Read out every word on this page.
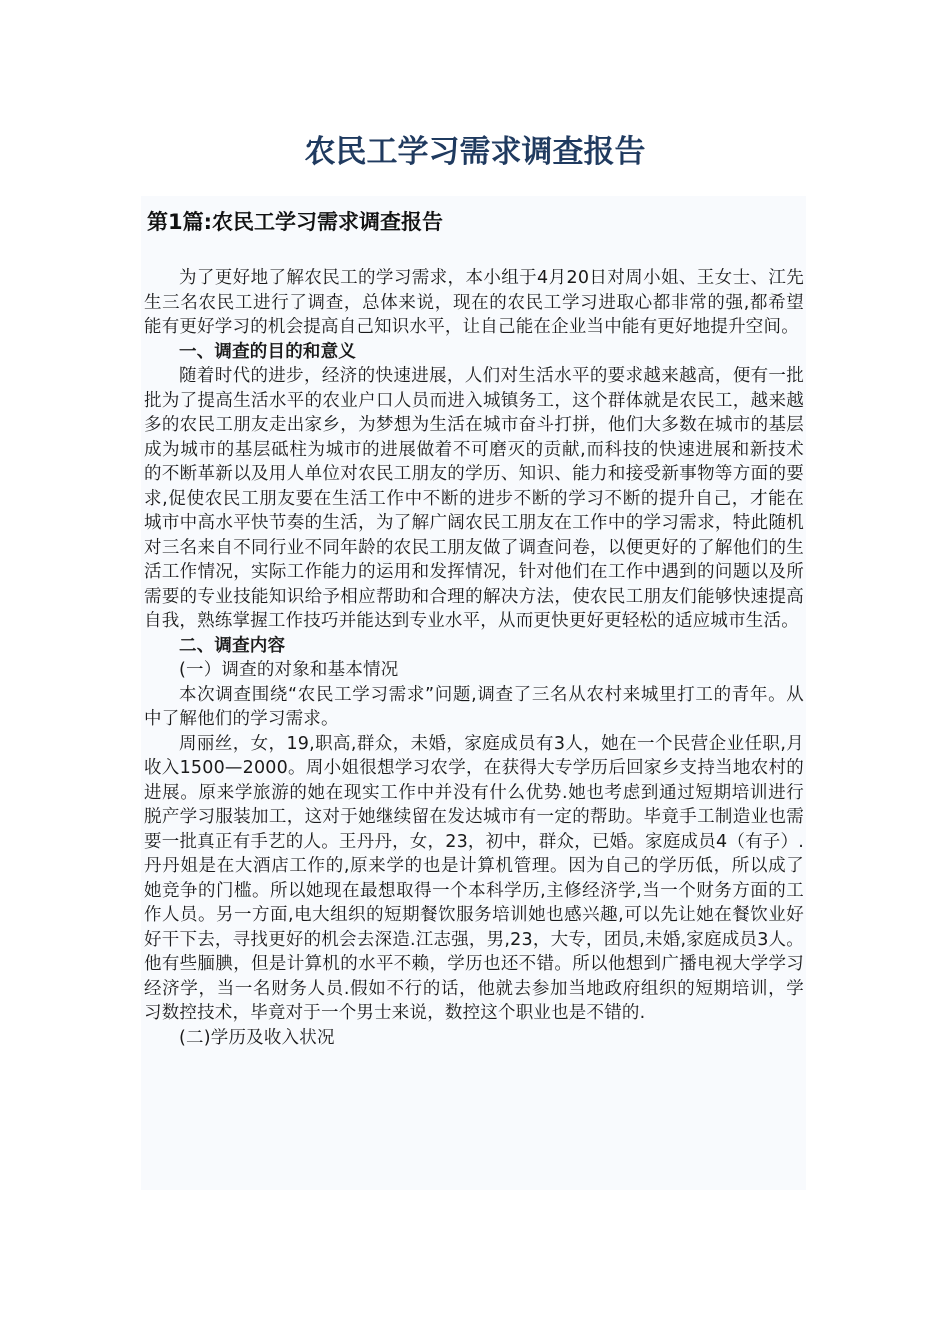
农民工学习需求调查报告
第1篇:农民工学习需求调查报告

为了更好地了解农民工的学习需求，本小组于4月20日对周小姐、王女士、江先生三名农民工进行了调查，总体来说，现在的农民工学习进取心都非常的强,都希望能有更好学习的机会提高自己知识水平，让自己能在企业当中能有更好地提升空间。

一、调查的目的和意义

随着时代的进步，经济的快速进展，人们对生活水平的要求越来越高，便有一批批为了提高生活水平的农业户口人员而进入城镇务工，这个群体就是农民工，越来越多的农民工朋友走出家乡，为梦想为生活在城市奋斗打拼，他们大多数在城市的基层成为城市的基层砥柱为城市的进展做着不可磨灭的贡献,而科技的快速进展和新技术的不断革新以及用人单位对农民工朋友的学历、知识、能力和接受新事物等方面的要求,促使农民工朋友要在生活工作中不断的进步不断的学习不断的提升自己，才能在城市中高水平快节奏的生活，为了解广阔农民工朋友在工作中的学习需求，特此随机对三名来自不同行业不同年龄的农民工朋友做了调查问卷，以便更好的了解他们的生活工作情况，实际工作能力的运用和发挥情况，针对他们在工作中遇到的问题以及所需要的专业技能知识给予相应帮助和合理的解决方法，使农民工朋友们能够快速提高自我，熟练掌握工作技巧并能达到专业水平，从而更快更好更轻松的适应城市生活。

二、调查内容

(一）调查的对象和基本情况

本次调查围绕“农民工学习需求”问题,调查了三名从农村来城里打工的青年。从中了解他们的学习需求。

周丽丝，女，19,职高,群众，未婚，家庭成员有3人，她在一个民营企业任职,月收入1500—2000。周小姐很想学习农学，在获得大专学历后回家乡支持当地农村的进展。原来学旅游的她在现实工作中并没有什么优势.她也考虑到通过短期培训进行脱产学习服装加工，这对于她继续留在发达城市有一定的帮助。毕竟手工制造业也需要一批真正有手艺的人。王丹丹，女，23，初中，群众，已婚。家庭成员4（有子）.丹丹姐是在大酒店工作的,原来学的也是计算机管理。因为自己的学历低，所以成了她竞争的门槛。所以她现在最想取得一个本科学历,主修经济学,当一个财务方面的工作人员。另一方面,电大组织的短期餐饮服务培训她也感兴趣,可以先让她在餐饮业好好干下去，寻找更好的机会去深造.江志强，男,23，大专，团员,未婚,家庭成员3人。他有些腼腆，但是计算机的水平不赖，学历也还不错。所以他想到广播电视大学学习经济学，当一名财务人员.假如不行的话，他就去参加当地政府组织的短期培训，学习数控技术，毕竟对于一个男士来说，数控这个职业也是不错的.

(二)学历及收入状况
